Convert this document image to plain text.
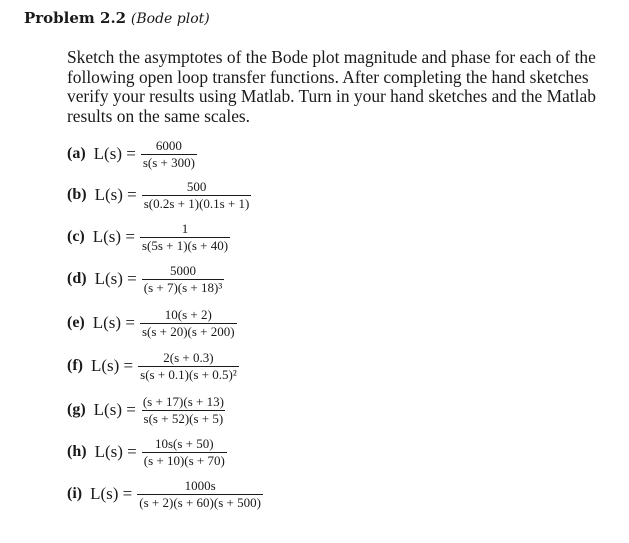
Problem 2.2 (Bode plot)

Sketch the asymptotes of the Bode plot magnitude and phase for each of the following open loop transfer functions. After completing the hand sketches verify your results using Matlab. Turn in your hand sketches and the Matlab results on the same scales.

(a) $L(s) = \frac{6000}{s(s + 300)}$
(b) $L(s) = \frac{500}{s(0.2s + 1)(0.1s + 1)}$
(c) $L(s) = \frac{1}{s(5s + 1)(s + 40)}$
(d) $L(s) = \frac{5000}{\text{(s + 7)(s + 18)³}}$
(e) $L(s) = \frac{10(s + 2)}{s(s + 20)(s + 200)}$
(f) $L(s) = \frac{2(s + 0.3)}{\text{s(s + 0.1)(s + 0.5)²}}$
(g) $L(s) = \frac{(s + 17)(s + 13)}{s(s + 52)(s + 5)}$
(h) $L(s) = \frac{10s(s + 50)}{(s + 10)(s + 70)}$
(i) $L(s) = \frac{1000s}{(s + 2)(s + 60)(s + 500)}$
